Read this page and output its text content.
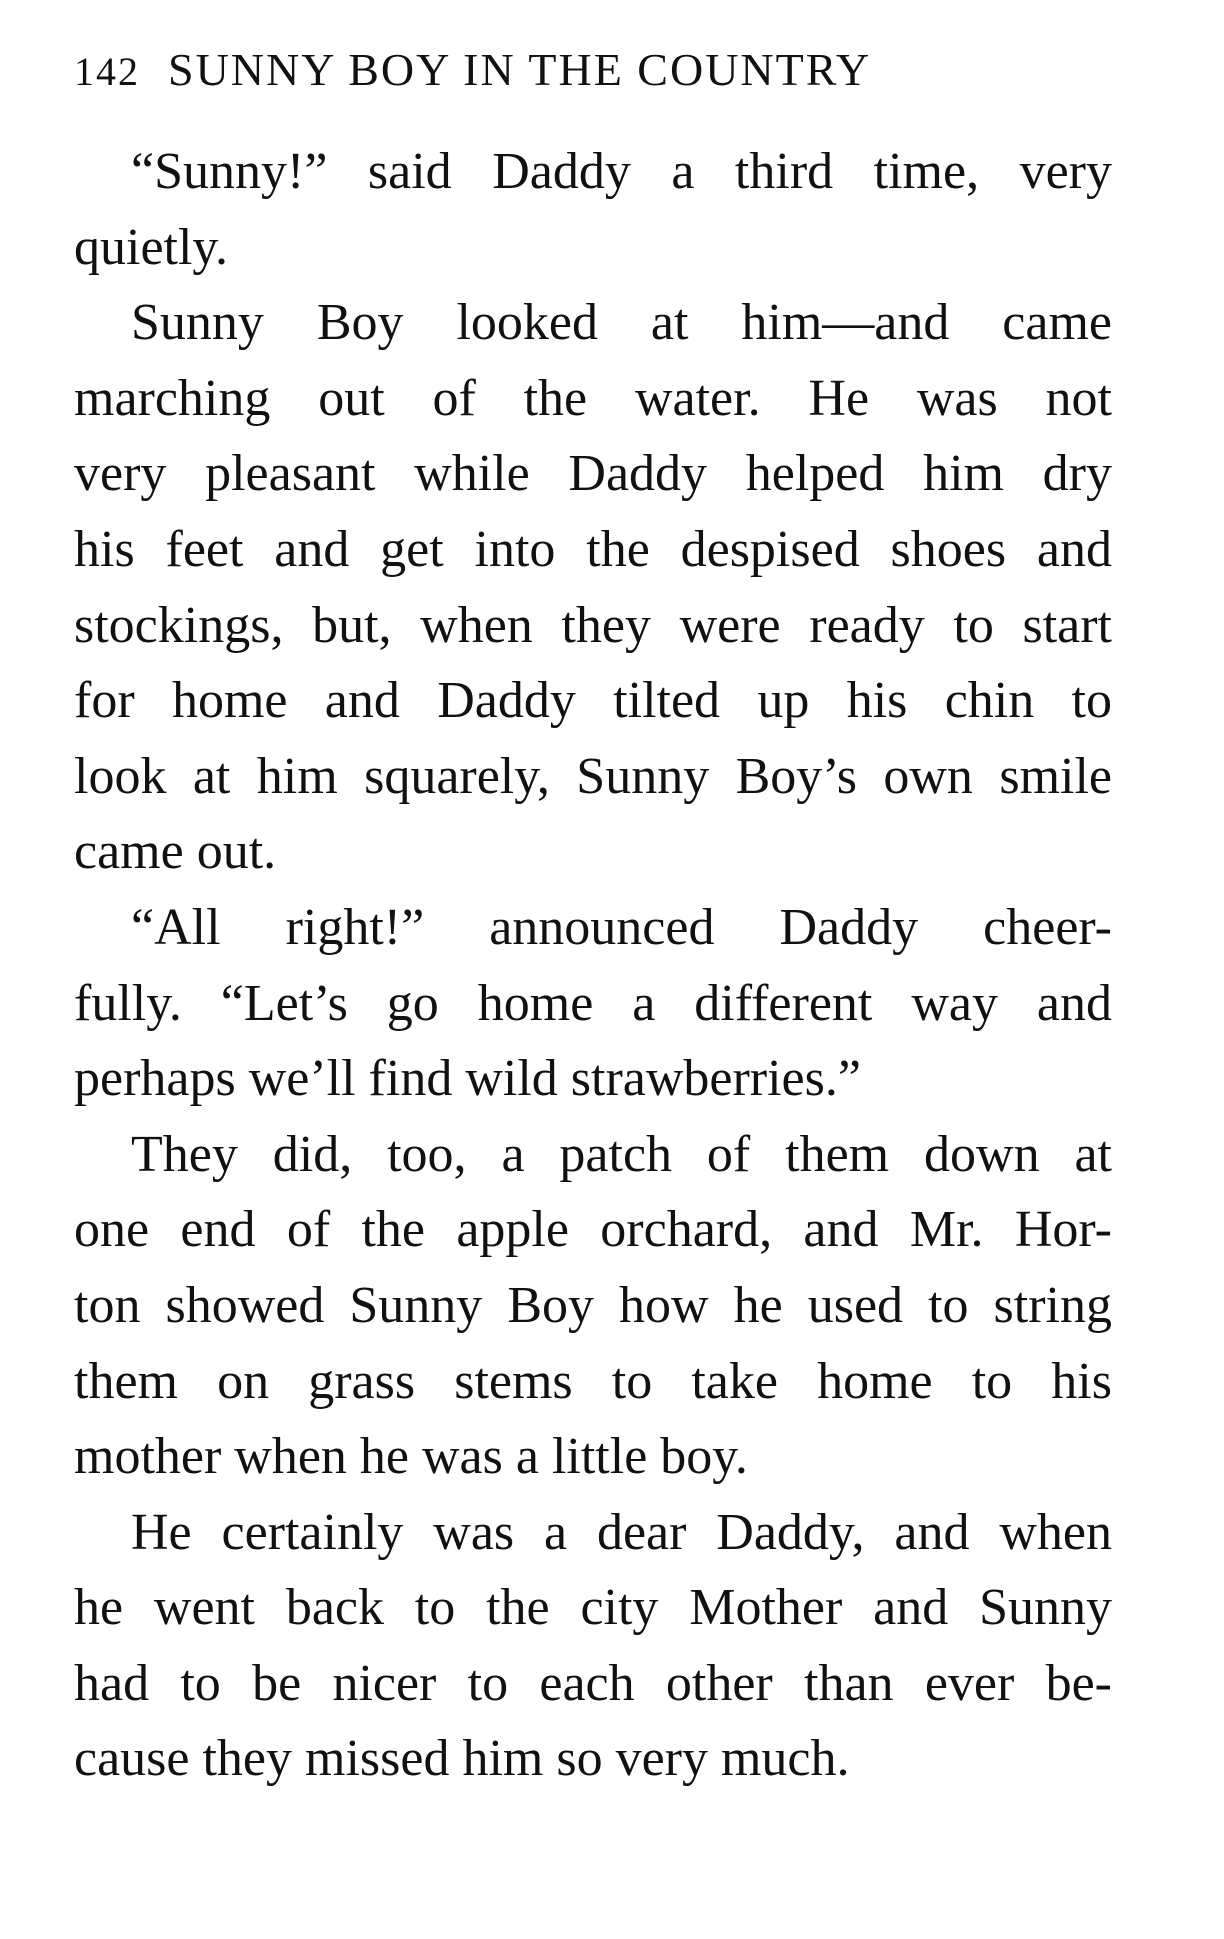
142 SUNNY BOY IN THE COUNTRY
“Sunny!” said Daddy a third time, very
quietly.
Sunny Boy looked at him—and came
marching out of the water. He was not
very pleasant while Daddy helped him dry
his feet and get into the despised shoes and
stockings, but, when they were ready to start
for home and Daddy tilted up his chin to
look at him squarely, Sunny Boy’s own smile
came out.
“All right!” announced Daddy cheer-
fully. “Let’s go home a different way and
perhaps we’ll find wild strawberries.”
They did, too, a patch of them down at
one end of the apple orchard, and Mr. Hor-
ton showed Sunny Boy how he used to string
them on grass stems to take home to his
mother when he was a little boy.
He certainly was a dear Daddy, and when
he went back to the city Mother and Sunny
had to be nicer to each other than ever be-
cause they missed him so very much.
